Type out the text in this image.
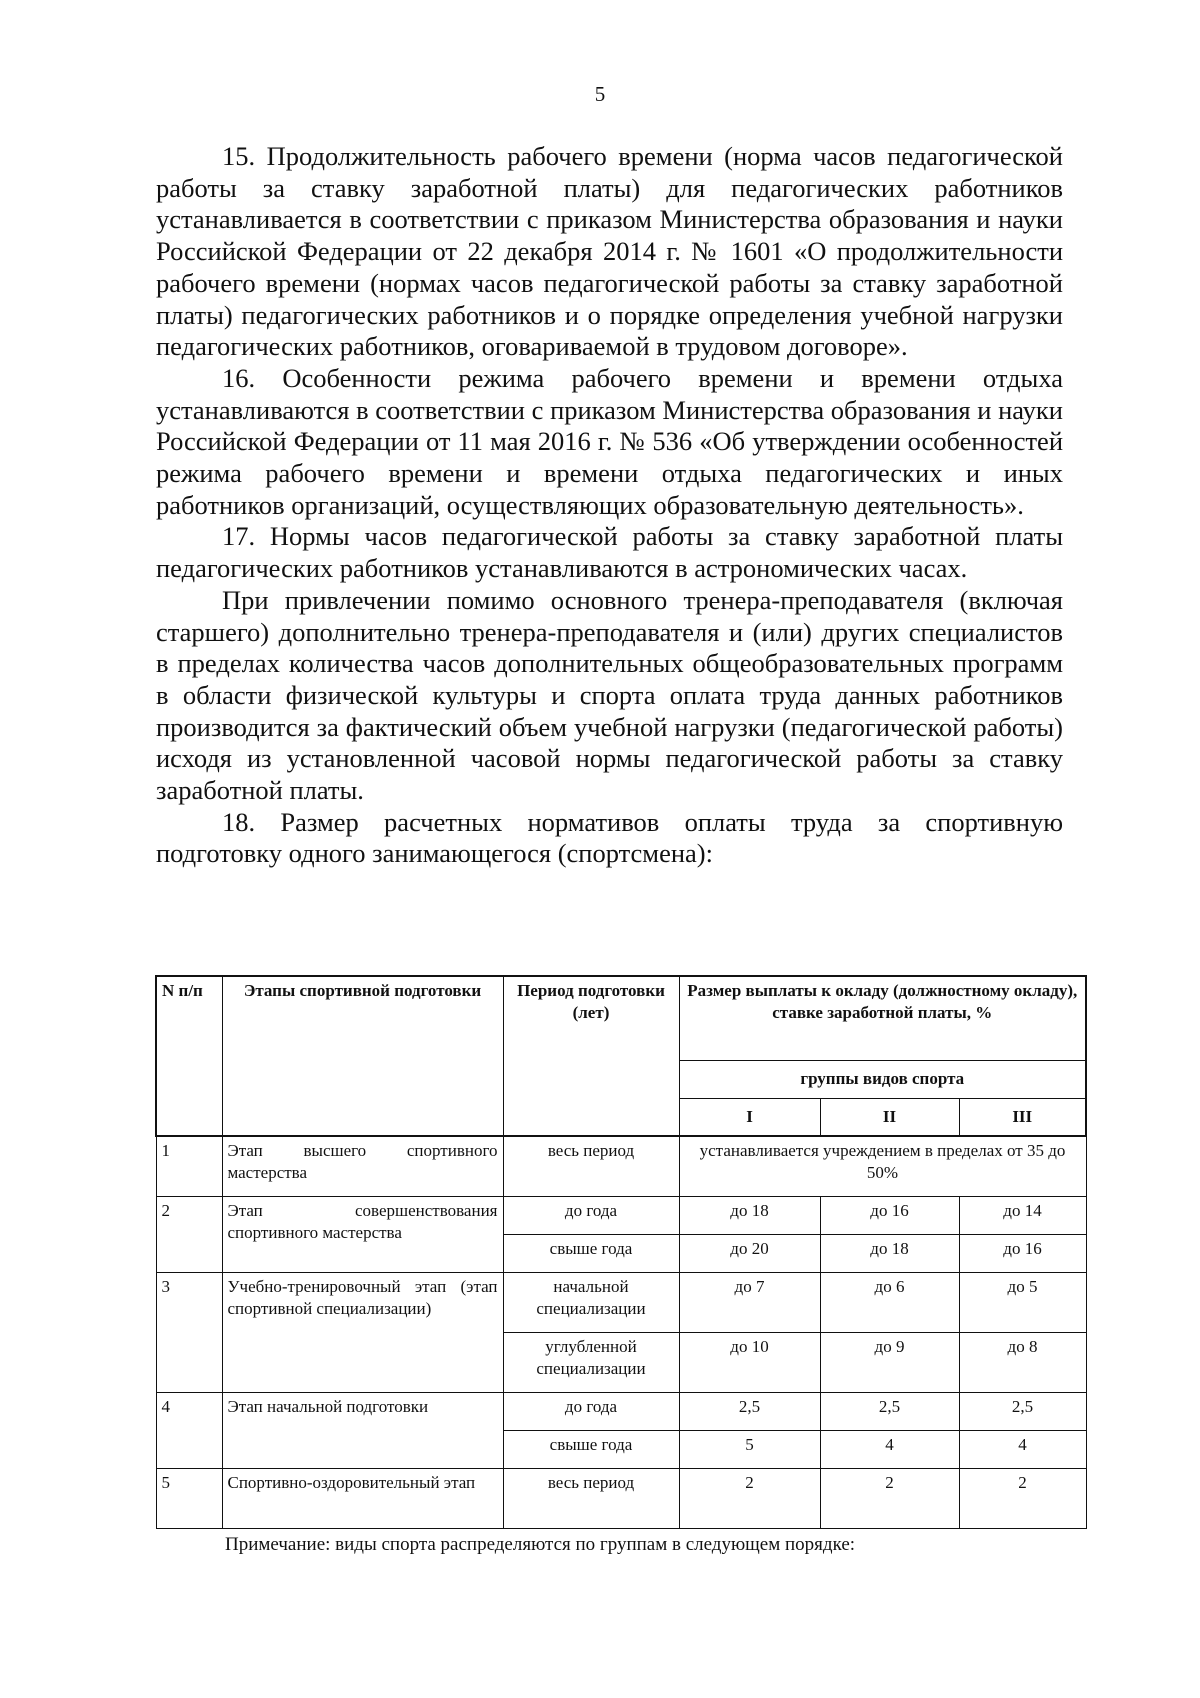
5

15. Продолжительность рабочего времени (норма часов педагогической работы за ставку заработной платы) для педагогических работников устанавливается в соответствии с приказом Министерства образования и науки Российской Федерации от 22 декабря 2014 г. № 1601 «О продолжительности рабочего времени (нормах часов педагогической работы за ставку заработной платы) педагогических работников и о порядке определения учебной нагрузки педагогических работников, оговариваемой в трудовом договоре».

16. Особенности режима рабочего времени и времени отдыха устанавливаются в соответствии с приказом Министерства образования и науки Российской Федерации от 11 мая 2016 г. № 536 «Об утверждении особенностей режима рабочего времени и времени отдыха педагогических и иных работников организаций, осуществляющих образовательную деятельность».

17. Нормы часов педагогической работы за ставку заработной платы педагогических работников устанавливаются в астрономических часах.

При привлечении помимо основного тренера-преподавателя (включая старшего) дополнительно тренера-преподавателя и (или) других специалистов в пределах количества часов дополнительных общеобразовательных программ в области физической культуры и спорта оплата труда данных работников производится за фактический объем учебной нагрузки (педагогической работы) исходя из установленной часовой нормы педагогической работы за ставку заработной платы.

18. Размер расчетных нормативов оплаты труда за спортивную подготовку одного занимающегося (спортсмена):

N п/п	Этапы спортивной подготовки	Период подготовки (лет)	Размер выплаты к окладу (должностному окладу), ставке заработной платы, %		
			группы видов спорта		
			I	II	III
1	Этап высшего спортивного мастерства	весь период	устанавливается учреждением в пределах от 35 до 50%		
2	Этап совершенствования спортивного мастерства	до года	до 18	до 16	до 14
		свыше года	до 20	до 18	до 16
3	Учебно-тренировочный этап (этап спортивной специализации)	начальной специализации	до 7	до 6	до 5
		углубленной специализации	до 10	до 9	до 8
4	Этап начальной подготовки	до года	2,5	2,5	2,5
		свыше года	5	4	4
5	Спортивно-оздоровительный этап	весь период	2	2	2
Примечание: виды спорта распределяются по группам в следующем порядке:
